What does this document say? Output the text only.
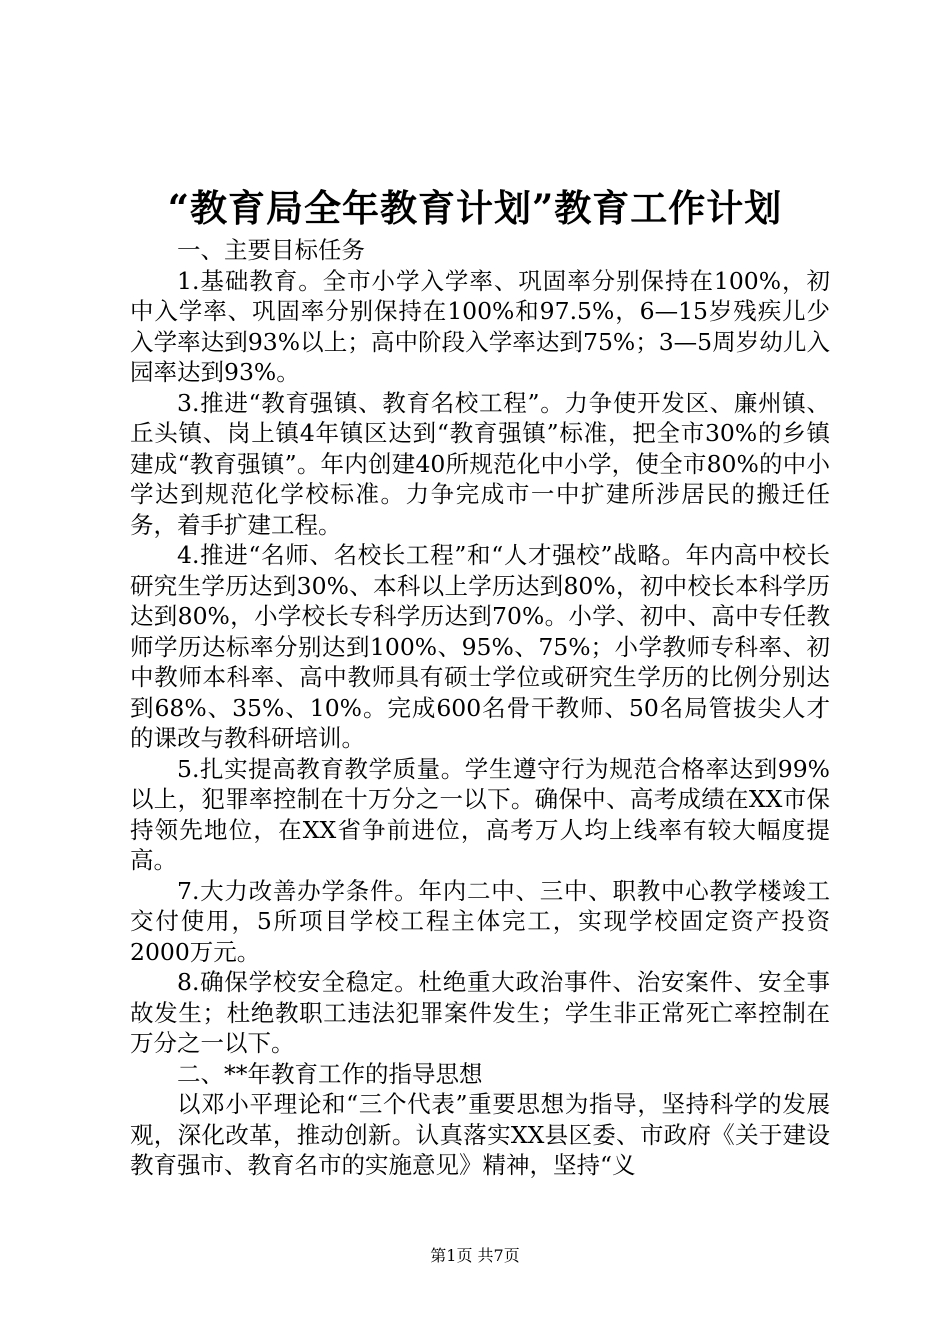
“教育局全年教育计划”教育工作计划

一、主要目标任务

1.基础教育。全市小学入学率、巩固率分别保持在100%，初中入学率、巩固率分别保持在100%和97.5%，6—15岁残疾儿少入学率达到93%以上；高中阶段入学率达到75%；3—5周岁幼儿入园率达到93%。

3.推进“教育强镇、教育名校工程”。力争使开发区、廉州镇、丘头镇、岗上镇4年镇区达到“教育强镇”标准，把全市30%的乡镇建成“教育强镇”。年内创建40所规范化中小学，使全市80%的中小学达到规范化学校标准。力争完成市一中扩建所涉居民的搬迁任务，着手扩建工程。

4.推进“名师、名校长工程”和“人才强校”战略。年内高中校长研究生学历达到30%、本科以上学历达到80%，初中校长本科学历达到80%，小学校长专科学历达到70%。小学、初中、高中专任教师学历达标率分别达到100%、95%、75%；小学教师专科率、初中教师本科率、高中教师具有硕士学位或研究生学历的比例分别达到68%、35%、10%。完成600名骨干教师、50名局管拔尖人才的课改与教科研培训。

5.扎实提高教育教学质量。学生遵守行为规范合格率达到99%以上，犯罪率控制在十万分之一以下。确保中、高考成绩在XX市保持领先地位，在XX省争前进位，高考万人均上线率有较大幅度提高。

7.大力改善办学条件。年内二中、三中、职教中心教学楼竣工交付使用，5所项目学校工程主体完工，实现学校固定资产投资2000万元。

8.确保学校安全稳定。杜绝重大政治事件、治安案件、安全事故发生；杜绝教职工违法犯罪案件发生；学生非正常死亡率控制在万分之一以下。

二、**年教育工作的指导思想

以邓小平理论和“三个代表”重要思想为指导，坚持科学的发展观，深化改革，推动创新。认真落实XX县区委、市政府《关于建设教育强市、教育名市的实施意见》精神，坚持“义

第1页 共7页
